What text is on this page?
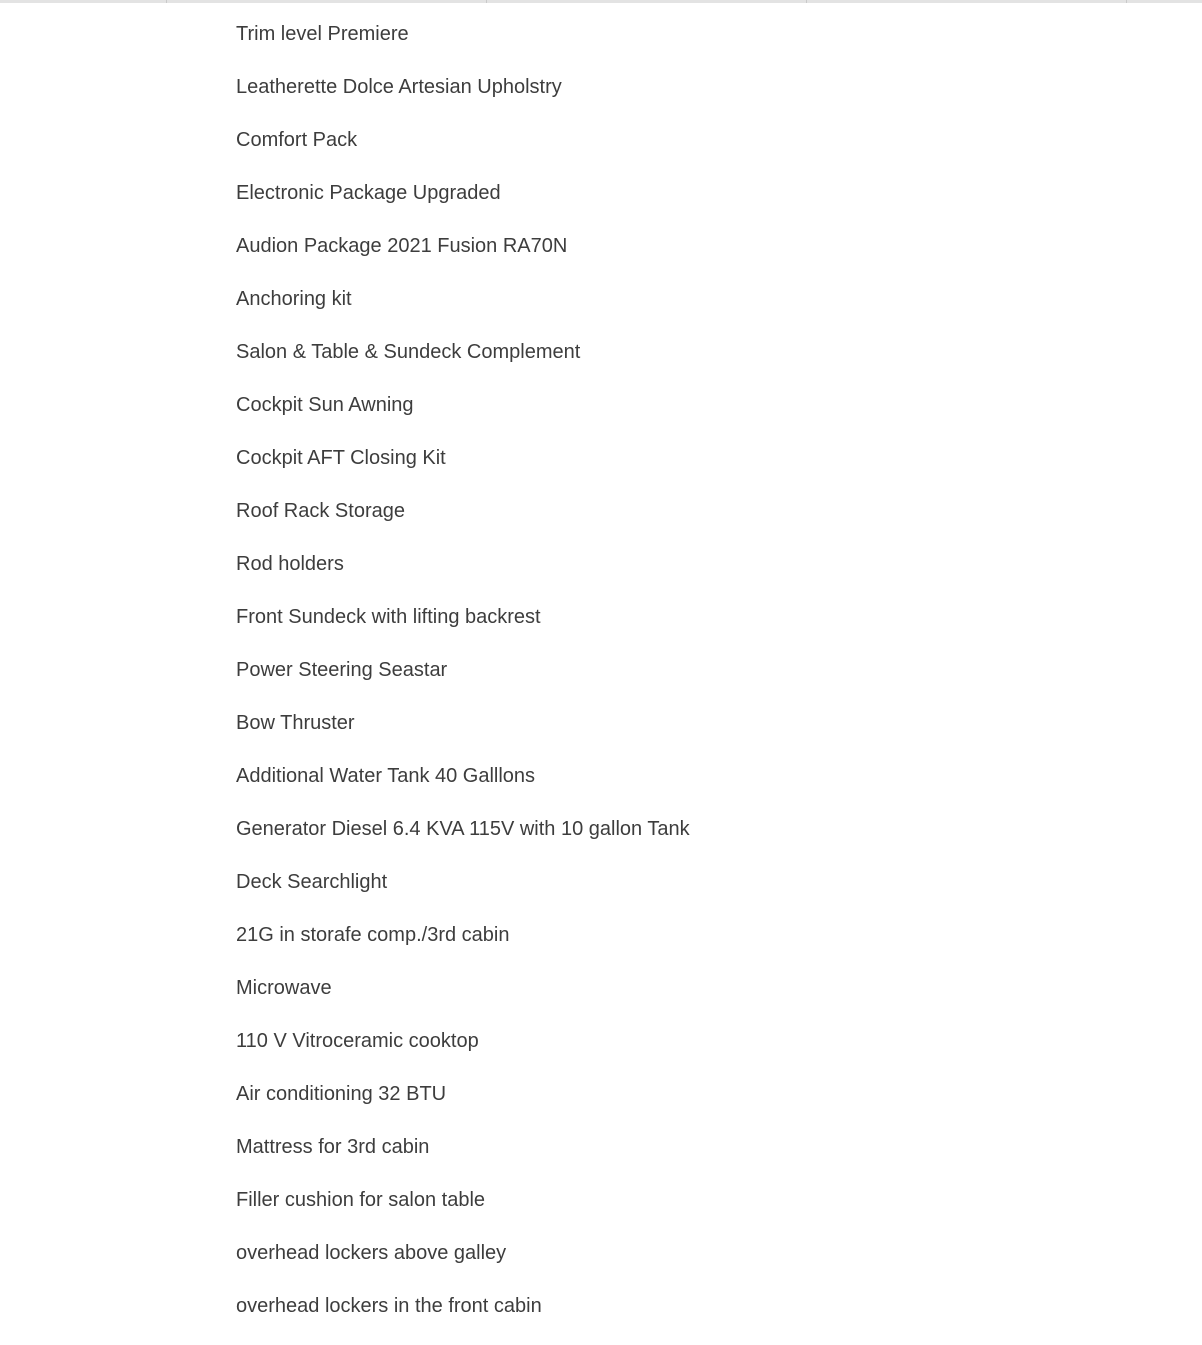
Trim level Premiere
Leatherette Dolce Artesian Upholstry
Comfort Pack
Electronic Package Upgraded
Audion Package 2021 Fusion RA70N
Anchoring kit
Salon & Table & Sundeck Complement
Cockpit Sun Awning
Cockpit AFT Closing Kit
Roof Rack Storage
Rod holders
Front Sundeck with lifting backrest
Power Steering Seastar
Bow Thruster
Additional Water Tank 40 Galllons
Generator Diesel 6.4 KVA 115V with 10 gallon Tank
Deck Searchlight
21G in storafe comp./3rd cabin
Microwave
110 V Vitroceramic cooktop
Air conditioning 32 BTU
Mattress for 3rd cabin
Filler cushion for salon table
overhead lockers above galley
overhead lockers in the front cabin
